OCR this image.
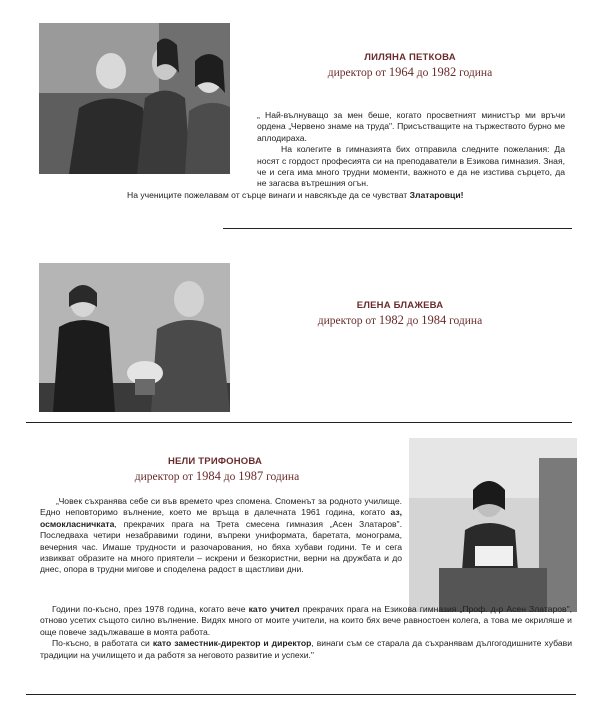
ЛИЛЯНА ПЕТКОВА
директор от 1964 до 1982 година

„ Най-вълнуващо за мен беше, когато просветният министър ми връчи ордена „Червено знаме на труда". Присъстващите на тържеството бурно ме аплодираха.

На колегите в гимназията бих отправила следните пожелания: Да носят с гордост професията си на преподаватели в Езикова гимназия. Зная, че и сега има много трудни моменти, важното е да не изстива сърцето, да не загасва вътрешния огън.

На учениците пожелавам от сърце винаги и навсякъде да се чувстват Златаровци!

ЕЛЕНА БЛАЖЕВА
директор от 1982 до 1984 година
НЕЛИ ТРИФОНОВА
директор от 1984 до 1987 година

„Човек съхранява себе си във времето чрез спомена. Споменът за родното училище. Едно неповторимо вълнение, което ме връща в далечната 1961 година, когато аз, осмокласничката, прекрачих прага на Трета смесена гимназия „Асен Златаров". Последваха четири незабравими години, въпреки униформата, баретата, монограма, вечерния час. Имаше трудности и разочарования, но бяха хубави години. Те и сега извикват образите на много приятели – искрени и безкористни, верни на дружбата и до днес, опора в трудни мигове и споделена радост в щастливи дни.

Години по-късно, през 1978 година, когато вече като учител прекрачих прага на Езикова гимназия „Проф. д-р Асен Златаров", отново усетих същото силно вълнение. Видях много от моите учители, на които бях вече равностоен колега, а това ме окриляше и още повече задължаваше в моята работа.

По-късно, в работата си като заместник-директор и директор, винаги съм се старала да съхранявам дългогодишните хубави традиции на училището и да работя за неговото развитие и успехи."
